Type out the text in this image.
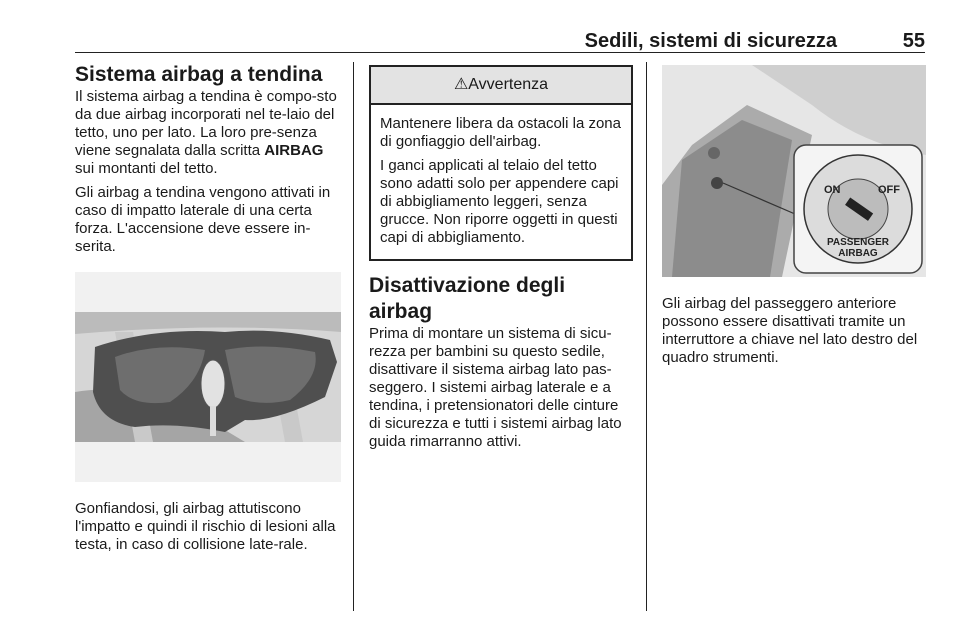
Sedili, sistemi di sicurezza	55
Sistema airbag a tendina

Il sistema airbag a tendina è compo-sto da due airbag incorporati nel te-laio del tetto, uno per lato. La loro pre-senza viene segnalata dalla scritta AIRBAG sui montanti del tetto.

Gli airbag a tendina vengono attivati in caso di impatto laterale di una certa forza. L'accensione deve essere in-serita.

Gonfiandosi, gli airbag attutiscono l'impatto e quindi il rischio di lesioni alla testa, in caso di collisione late-rale.

⚠Avvertenza

Mantenere libera da ostacoli la zona di gonfiaggio dell'airbag.

I ganci applicati al telaio del tetto sono adatti solo per appendere capi di abbigliamento leggeri, senza grucce. Non riporre oggetti in questi capi di abbigliamento.

Disattivazione degli airbag

Prima di montare un sistema di sicu-rezza per bambini su questo sedile, disattivare il sistema airbag lato pas-seggero. I sistemi airbag laterale e a tendina, i pretensionatori delle cinture di sicurezza e tutti i sistemi airbag lato guida rimarranno attivi.

ON	OFF
PASSENGER
AIRBAG

Gli airbag del passeggero anteriore possono essere disattivati tramite un interruttore a chiave nel lato destro del quadro strumenti.
